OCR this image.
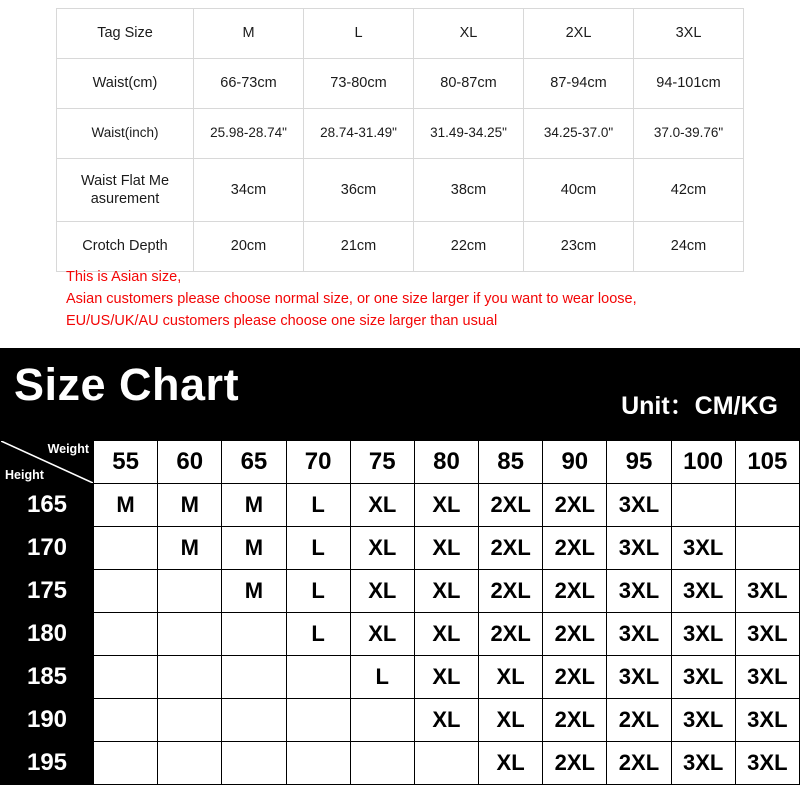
Tag Size	M	L	XL	2XL	3XL
Waist(cm)	66-73cm	73-80cm	80-87cm	87-94cm	94-101cm
Waist(inch)	25.98-28.74"	28.74-31.49"	31.49-34.25"	34.25-37.0"	37.0-39.76"
Waist Flat Me asurement	34cm	36cm	38cm	40cm	42cm
Crotch Depth	20cm	21cm	22cm	23cm	24cm
This is Asian size,
Asian customers please choose normal size, or one size larger if you want to wear loose,
EU/US/UK/AU customers please choose one size larger than usual
Size Chart	Unit：CM/KG
Weight
Height	55	60	65	70	75	80	85	90	95	100	105
165	M	M	M	L	XL	XL	2XL	2XL	3XL		
170		M	M	L	XL	XL	2XL	2XL	3XL	3XL	
175			M	L	XL	XL	2XL	2XL	3XL	3XL	3XL
180				L	XL	XL	2XL	2XL	3XL	3XL	3XL
185					L	XL	XL	2XL	3XL	3XL	3XL
190						XL	XL	2XL	2XL	3XL	3XL
195							XL	2XL	2XL	3XL	3XL
